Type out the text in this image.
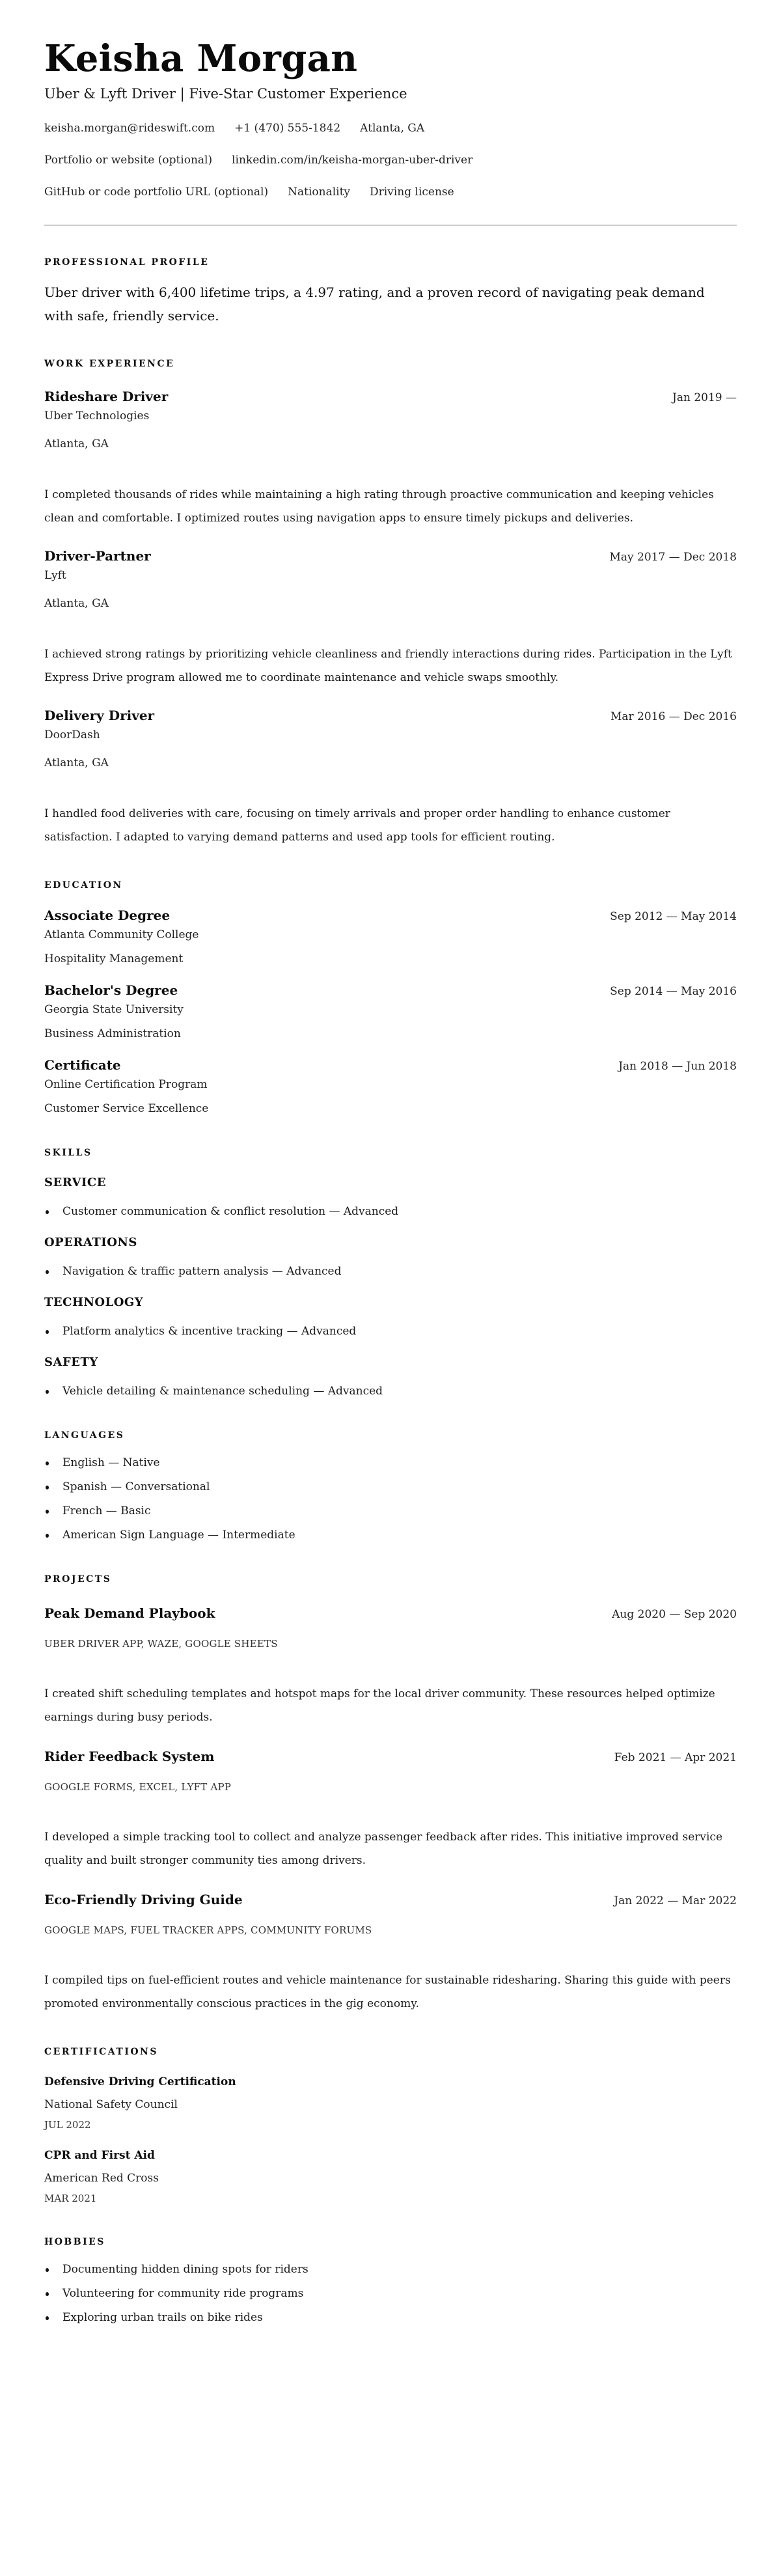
Keisha Morgan
Uber & Lyft Driver | Five-Star Customer Experience
keisha.morgan@rideswift.com +1 (470) 555-1842 Atlanta, GA
Portfolio or website (optional) linkedin.com/in/keisha-morgan-uber-driver
GitHub or code portfolio URL (optional) Nationality Driving license
PROFESSIONAL PROFILE

Uber driver with 6,400 lifetime trips, a 4.97 rating, and a proven record of navigating peak demand with safe, friendly service.

WORK EXPERIENCE
Rideshare Driver	Jan 2019 —
Uber Technologies
Atlanta, GA

I completed thousands of rides while maintaining a high rating through proactive communication and keeping vehicles clean and comfortable. I optimized routes using navigation apps to ensure timely pickups and deliveries.

Driver-Partner	May 2017 — Dec 2018
Lyft
Atlanta, GA

I achieved strong ratings by prioritizing vehicle cleanliness and friendly interactions during rides. Participation in the Lyft Express Drive program allowed me to coordinate maintenance and vehicle swaps smoothly.

Delivery Driver	Mar 2016 — Dec 2016
DoorDash
Atlanta, GA

I handled food deliveries with care, focusing on timely arrivals and proper order handling to enhance customer satisfaction. I adapted to varying demand patterns and used app tools for efficient routing.

EDUCATION
Associate Degree	Sep 2012 — May 2014
Atlanta Community College
Hospitality Management
Bachelor's Degree	Sep 2014 — May 2016
Georgia State University
Business Administration
Certificate	Jan 2018 — Jun 2018
Online Certification Program
Customer Service Excellence
SKILLS
SERVICE
Customer communication & conflict resolution — Advanced
OPERATIONS
Navigation & traffic pattern analysis — Advanced
TECHNOLOGY
Platform analytics & incentive tracking — Advanced
SAFETY
Vehicle detailing & maintenance scheduling — Advanced
LANGUAGES
English — Native
Spanish — Conversational
French — Basic
American Sign Language — Intermediate
PROJECTS
Peak Demand Playbook	Aug 2020 — Sep 2020
UBER DRIVER APP, WAZE, GOOGLE SHEETS

I created shift scheduling templates and hotspot maps for the local driver community. These resources helped optimize earnings during busy periods.

Rider Feedback System	Feb 2021 — Apr 2021
GOOGLE FORMS, EXCEL, LYFT APP

I developed a simple tracking tool to collect and analyze passenger feedback after rides. This initiative improved service quality and built stronger community ties among drivers.

Eco-Friendly Driving Guide	Jan 2022 — Mar 2022
GOOGLE MAPS, FUEL TRACKER APPS, COMMUNITY FORUMS

I compiled tips on fuel-efficient routes and vehicle maintenance for sustainable ridesharing. Sharing this guide with peers promoted environmentally conscious practices in the gig economy.

CERTIFICATIONS
Defensive Driving Certification
National Safety Council
JUL 2022
CPR and First Aid
American Red Cross
MAR 2021
HOBBIES
Documenting hidden dining spots for riders
Volunteering for community ride programs
Exploring urban trails on bike rides
